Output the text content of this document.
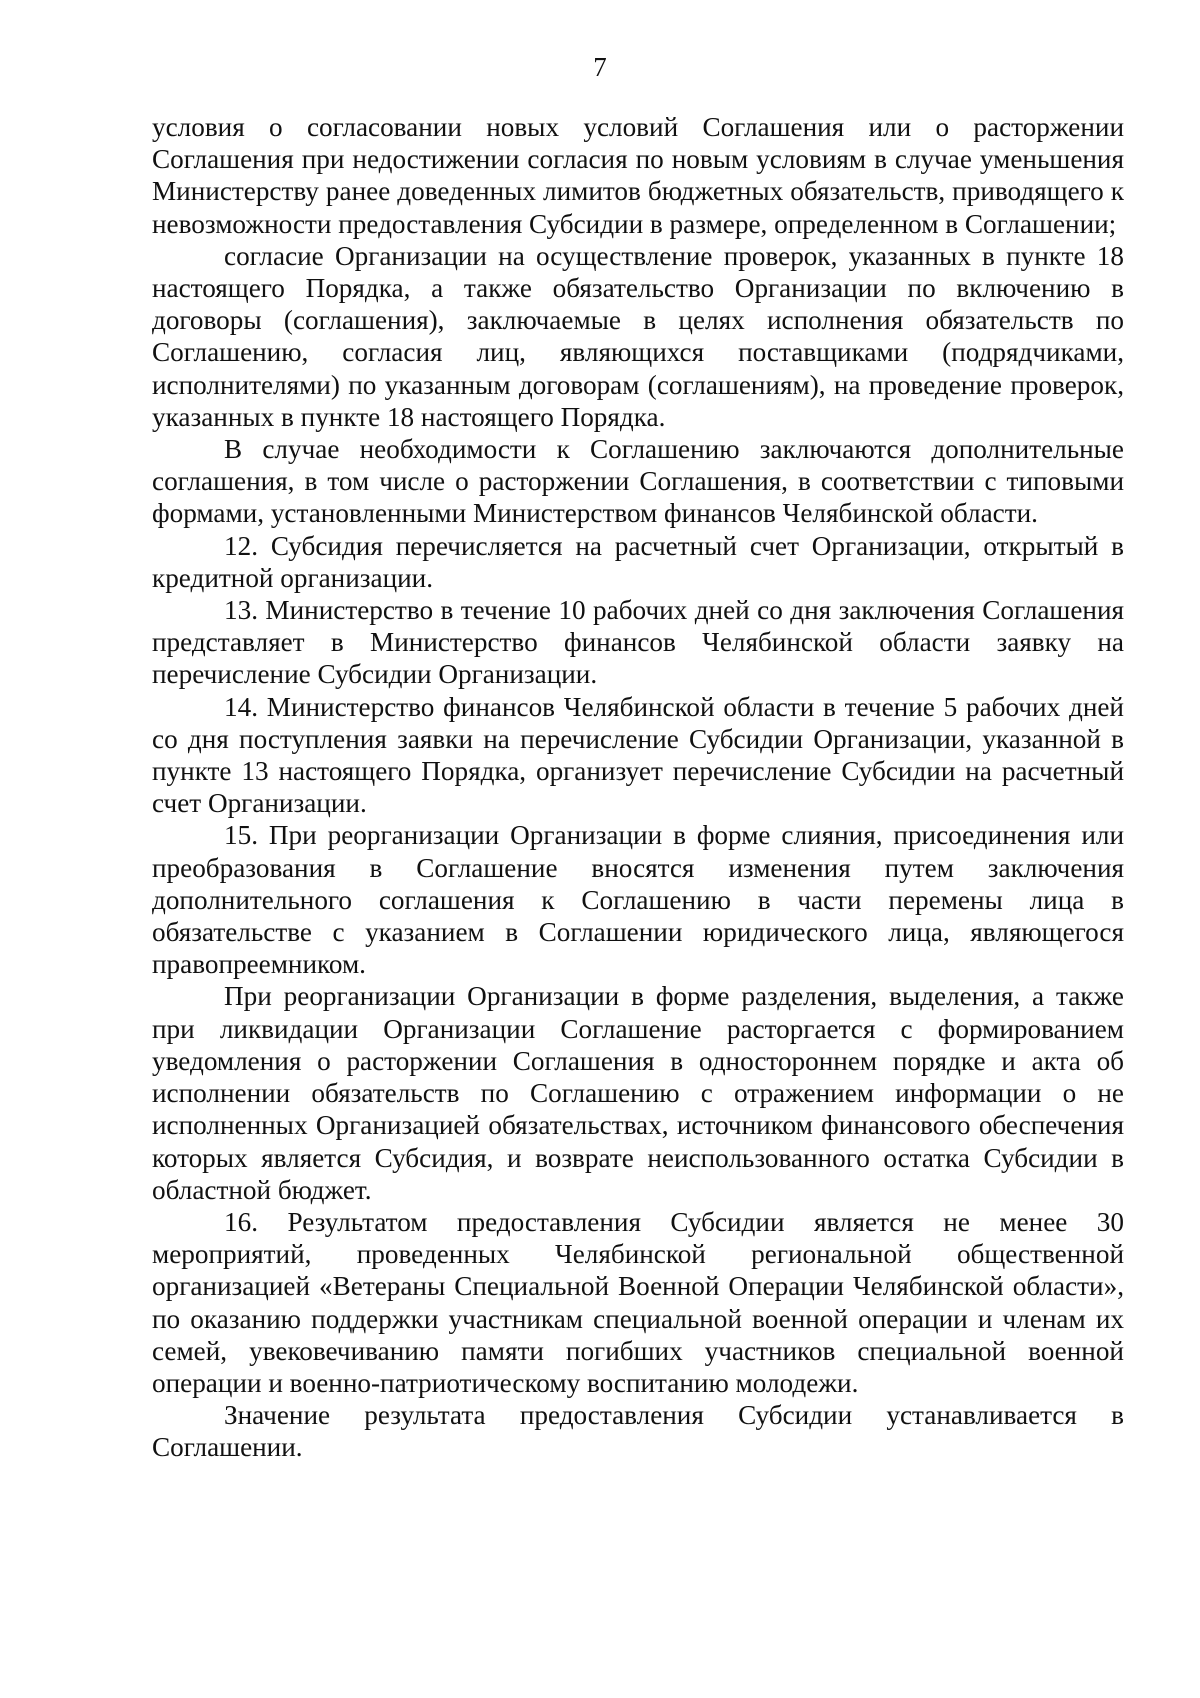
7

условия о согласовании новых условий Соглашения или о расторжении Соглашения при недостижении согласия по новым условиям в случае уменьшения Министерству ранее доведенных лимитов бюджетных обязательств, приводящего к невозможности предоставления Субсидии в размере, определенном в Соглашении;

согласие Организации на осуществление проверок, указанных в пункте 18 настоящего Порядка, а также обязательство Организации по включению в договоры (соглашения), заключаемые в целях исполнения обязательств по Соглашению, согласия лиц, являющихся поставщиками (подрядчиками, исполнителями) по указанным договорам (соглашениям), на проведение проверок, указанных в пункте 18 настоящего Порядка.

В случае необходимости к Соглашению заключаются дополнительные соглашения, в том числе о расторжении Соглашения, в соответствии с типовыми формами, установленными Министерством финансов Челябинской области.

12. Субсидия перечисляется на расчетный счет Организации, открытый в кредитной организации.

13. Министерство в течение 10 рабочих дней со дня заключения Соглашения представляет в Министерство финансов Челябинской области заявку на перечисление Субсидии Организации.

14. Министерство финансов Челябинской области в течение 5 рабочих дней со дня поступления заявки на перечисление Субсидии Организации, указанной в пункте 13 настоящего Порядка, организует перечисление Субсидии на расчетный счет Организации.

15. При реорганизации Организации в форме слияния, присоединения или преобразования в Соглашение вносятся изменения путем заключения дополнительного соглашения к Соглашению в части перемены лица в обязательстве с указанием в Соглашении юридического лица, являющегося правопреемником.

При реорганизации Организации в форме разделения, выделения, а также при ликвидации Организации Соглашение расторгается с формированием уведомления о расторжении Соглашения в одностороннем порядке и акта об исполнении обязательств по Соглашению с отражением информации о не исполненных Организацией обязательствах, источником финансового обеспечения которых является Субсидия, и возврате неиспользованного остатка Субсидии в областной бюджет.

16. Результатом предоставления Субсидии является не менее 30 мероприятий, проведенных Челябинской региональной общественной организацией «Ветераны Специальной Военной Операции Челябинской области», по оказанию поддержки участникам специальной военной операции и членам их семей, увековечиванию памяти погибших участников специальной военной операции и военно-патриотическому воспитанию молодежи.

Значение результата предоставления Субсидии устанавливается в Соглашении.
